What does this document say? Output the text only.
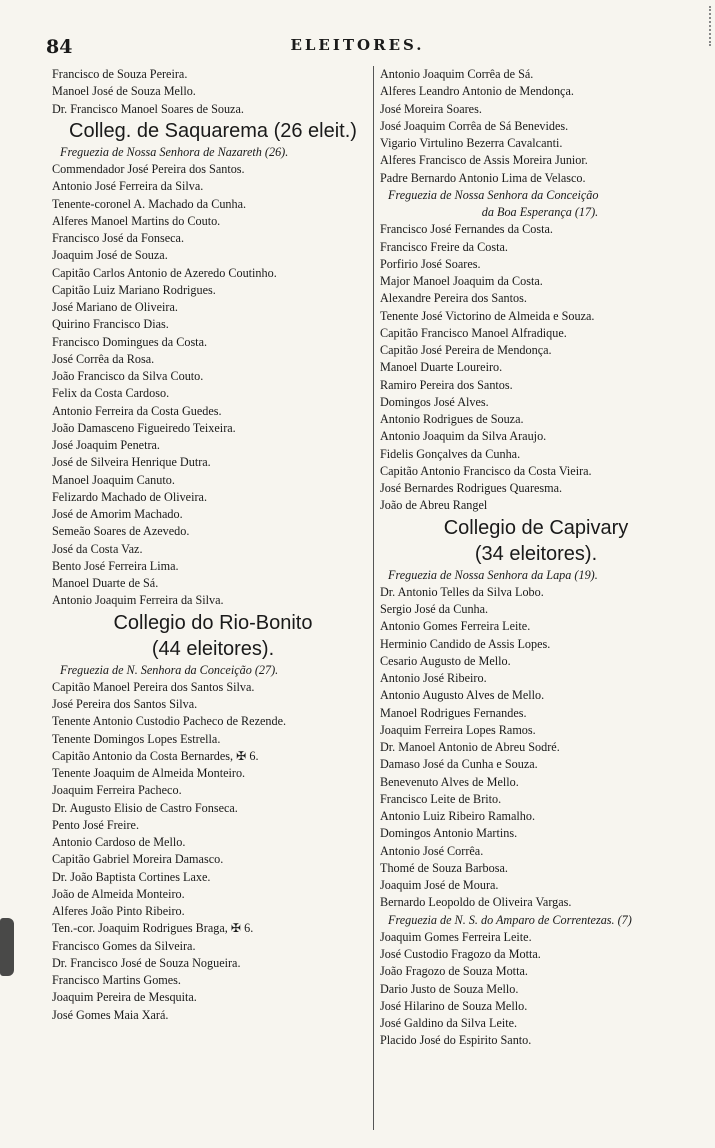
84	ELEITORES.
Francisco de Souza Pereira.
Manoel José de Souza Mello.
Dr. Francisco Manoel Soares de Souza.
Colleg. de Saquarema (26 eleit.)
Freguezia de Nossa Senhora de Nazareth (26).
Commendador José Pereira dos Santos.
Antonio José Ferreira da Silva.
Tenente-coronel A. Machado da Cunha.
Alferes Manoel Martins do Couto.
Francisco José da Fonseca.
Joaquim José de Souza.
Capitão Carlos Antonio de Azeredo Coutinho.
Capitão Luiz Mariano Rodrigues.
José Mariano de Oliveira.
Quirino Francisco Dias.
Francisco Domingues da Costa.
José Corrêa da Rosa.
João Francisco da Silva Couto.
Felix da Costa Cardoso.
Antonio Ferreira da Costa Guedes.
João Damasceno Figueiredo Teixeira.
José Joaquim Penetra.
José de Silveira Henrique Dutra.
Manoel Joaquim Canuto.
Felizardo Machado de Oliveira.
José de Amorim Machado.
Semeão Soares de Azevedo.
José da Costa Vaz.
Bento José Ferreira Lima.
Manoel Duarte de Sá.
Antonio Joaquim Ferreira da Silva.
Collegio do Rio-Bonito
(44 eleitores).
Freguezia de N. Senhora da Conceição (27).
Capitão Manoel Pereira dos Santos Silva.
José Pereira dos Santos Silva.
Tenente Antonio Custodio Pacheco de Rezende.
Tenente Domingos Lopes Estrella.
Capitão Antonio da Costa Bernardes, ✠ 6.
Tenente Joaquim de Almeida Monteiro.
Joaquim Ferreira Pacheco.
Dr. Augusto Elisio de Castro Fonseca.
Pento José Freire.
Antonio Cardoso de Mello.
Capitão Gabriel Moreira Damasco.
Dr. João Baptista Cortines Laxe.
João de Almeida Monteiro.
Alferes João Pinto Ribeiro.
Ten.-cor. Joaquim Rodrigues Braga, ✠ 6.
Francisco Gomes da Silveira.
Dr. Francisco José de Souza Nogueira.
Francisco Martins Gomes.
Joaquim Pereira de Mesquita.
José Gomes Maia Xará.
Antonio Joaquim Corrêa de Sá.
Alferes Leandro Antonio de Mendonça.
José Moreira Soares.
José Joaquim Corrêa de Sá Benevides.
Vigario Virtulino Bezerra Cavalcanti.
Alferes Francisco de Assis Moreira Junior.
Padre Bernardo Antonio Lima de Velasco.
Freguezia de Nossa Senhora da Conceição
da Boa Esperança (17).
Francisco José Fernandes da Costa.
Francisco Freire da Costa.
Porfirio José Soares.
Major Manoel Joaquim da Costa.
Alexandre Pereira dos Santos.
Tenente José Victorino de Almeida e Souza.
Capitão Francisco Manoel Alfradique.
Capitão José Pereira de Mendonça.
Manoel Duarte Loureiro.
Ramiro Pereira dos Santos.
Domingos José Alves.
Antonio Rodrigues de Souza.
Antonio Joaquim da Silva Araujo.
Fidelis Gonçalves da Cunha.
Capitão Antonio Francisco da Costa Vieira.
José Bernardes Rodrigues Quaresma.
João de Abreu Rangel
Collegio de Capivary
(34 eleitores).
Freguezia de Nossa Senhora da Lapa (19).
Dr. Antonio Telles da Silva Lobo.
Sergio José da Cunha.
Antonio Gomes Ferreira Leite.
Herminio Candido de Assis Lopes.
Cesario Augusto de Mello.
Antonio José Ribeiro.
Antonio Augusto Alves de Mello.
Manoel Rodrigues Fernandes.
Joaquim Ferreira Lopes Ramos.
Dr. Manoel Antonio de Abreu Sodré.
Damaso José da Cunha e Souza.
Benevenuto Alves de Mello.
Francisco Leite de Brito.
Antonio Luiz Ribeiro Ramalho.
Domingos Antonio Martins.
Antonio José Corrêa.
Thomé de Souza Barbosa.
Joaquim José de Moura.
Bernardo Leopoldo de Oliveira Vargas.
Freguezia de N. S. do Amparo de Correntezas. (7)
Joaquim Gomes Ferreira Leite.
José Custodio Fragozo da Motta.
João Fragozo de Souza Motta.
Dario Justo de Souza Mello.
José Hilarino de Souza Mello.
José Galdino da Silva Leite.
Placido José do Espirito Santo.
